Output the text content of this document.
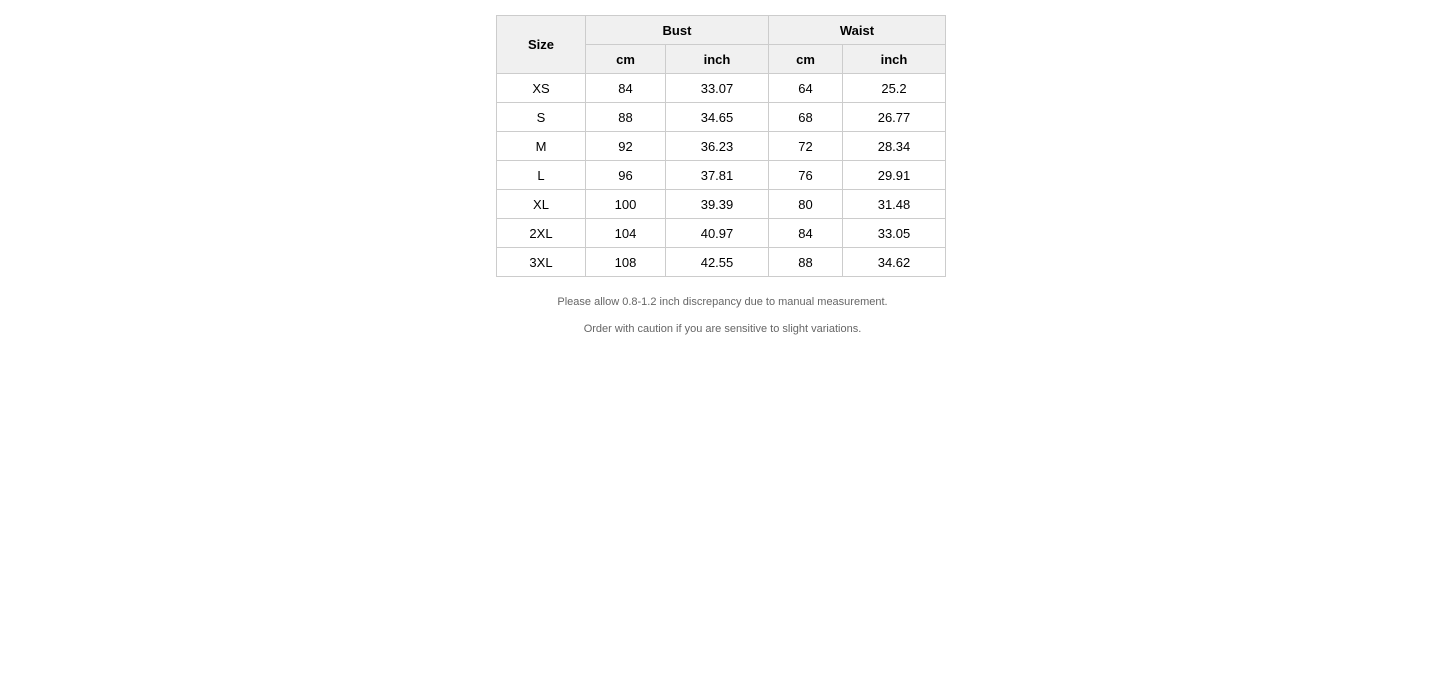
Size	Bust		Waist	
	cm	inch	cm	inch
XS	84	33.07	64	25.2
S	88	34.65	68	26.77
M	92	36.23	72	28.34
L	96	37.81	76	29.91
XL	100	39.39	80	31.48
2XL	104	40.97	84	33.05
3XL	108	42.55	88	34.62

Please allow 0.8-1.2 inch discrepancy due to manual measurement.

Order with caution if you are sensitive to slight variations.
